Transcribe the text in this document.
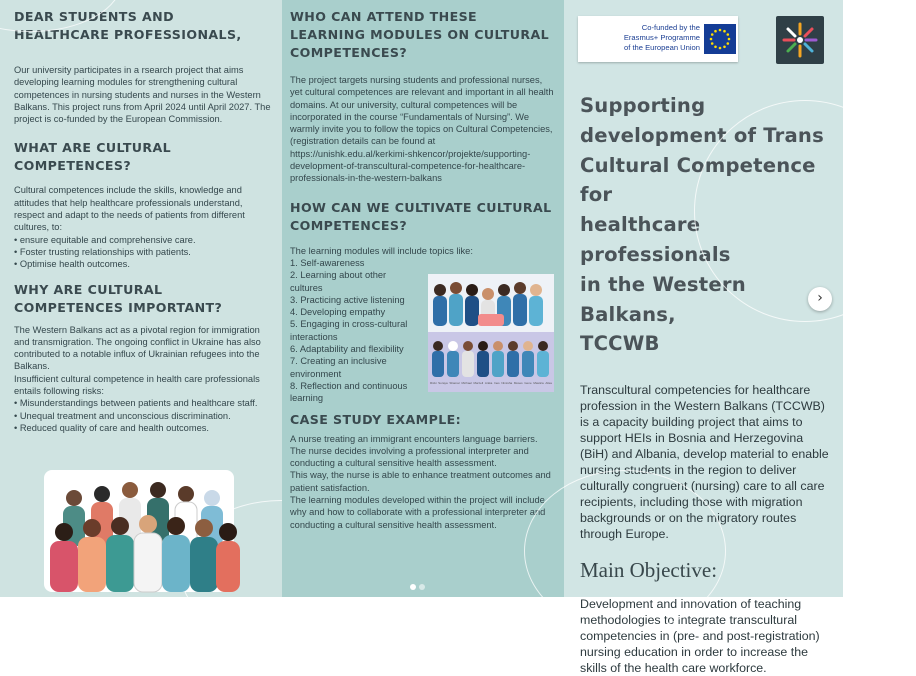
DEAR STUDENTS AND HEALTHCARE PROFESSIONALS,

Our university participates in a rsearch project that aims developing learning modules for strengthening cultural competences in nursing students and nurses in the Western Balkans. This project runs from April 2024 until April 2027. The project is co-funded by the European Commission.

WHAT ARE CULTURAL COMPETENCES?

Cultural competences include the skills, knowledge and attitudes that help healthcare professionals understand, respect and adapt to the needs of patients from different cultures, to:

• ensure equitable and comprehensive care.
• Foster trusting relationships with patients.
• Optimise health outcomes.
WHY ARE CULTURAL COMPETENCES IMPORTANT?

The Western Balkans act as a pivotal region for immigration and transmigration. The ongoing conflict in Ukraine has also contributed to a notable influx of Ukrainian refugees into the Balkans.

Insufficient cultural competence in health care professionals entails following risks:

• Misunderstandings between patients and healthcare staff.
• Unequal treatment and unconscious discrimination.
• Reduced quality of care and health outcomes.
WHO CAN ATTEND THESE LEARNING MODULES ON CULTURAL COMPETENCES?

The project targets nursing students and professional nurses, yet cultural competences are relevant and important in all health domains. At our university, cultural competences will be incorporated in the course “Fundamentals of Nursing”. We warmly invite you to follow the topics on Cultural Competencies, (registration details can be found at https://unishk.edu.al/kerkimi-shkencor/projekte/supporting-development-of-transcultural-competence-for-healthcare-professionals-in-the-western-balkans

HOW CAN WE CULTIVATE CULTURAL COMPETENCES?

The learning modules will include topics like:

1. Self-awareness
2. Learning about other cultures
3. Practicing active listening
4. Developing empathy
5. Engaging in cross-cultural interactions
6. Adaptability and flexibility
7. Creating an inclusive environment
8. Reflection and continuous learning
CASE STUDY EXAMPLE:

A nurse treating an immigrant encounters language barriers. The nurse decides involving a professional interpreter and conducting a cultural sensitive health assessment.

This way, the nurse is able to enhance treatment outcomes and patient satisfaction.

The learning modules developed within the project will include why and how to collaborate with a professional interpreter and conducting a cultural sensitive health assessment.

Ricki Soraya Shamar Michael Marzell Anika Ines Nimisha Moses Gene Mastica Alisa

Supporting

development of Trans

Cultural Competence for

healthcare professionals

in the Western Balkans,

TCCWB

Transcultural competencies for healthcare profession in the Western Balkans (TCCWB) is a capacity building project that aims to support HEIs in Bosnia and Herzegovina (BiH) and Albania, develop material to enable nursing students in the region to deliver culturally congruent (nursing) care to all care recipients, including those with migration backgrounds or on the migratory routes through Europe.

Main Objective:

Development and innovation of teaching methodologies to integrate transcultural competencies in (pre- and post-registration) nursing education in order to increase the skills of the health care workforce.

Co-funded by the
Erasmus+ Programme
of the European Union
›
